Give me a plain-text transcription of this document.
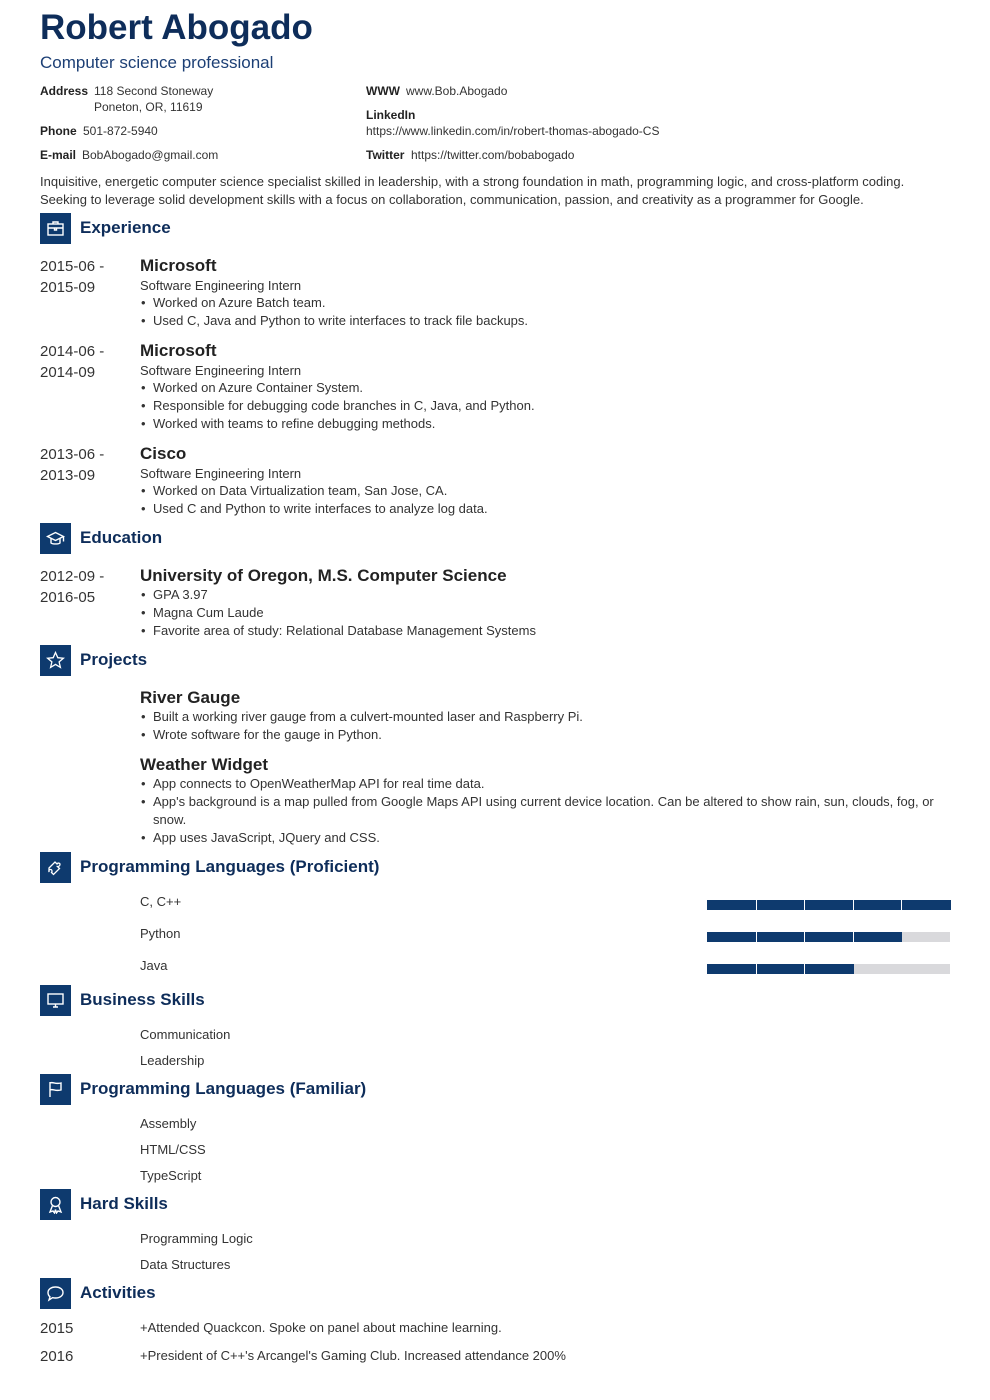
Robert Abogado
Computer science professional
Address 118 Second Stoneway
Poneton, OR, 11619
Phone 501-872-5940
E-mail BobAbogado@gmail.com
WWW www.Bob.Abogado
LinkedIn
https://www.linkedin.com/in/robert-thomas-abogado-CS
Twitter https://twitter.com/bobabogado
Inquisitive, energetic computer science specialist skilled in leadership, with a strong foundation in math, programming logic, and cross-platform coding. Seeking to leverage solid development skills with a focus on collaboration, communication, passion, and creativity as a programmer for Google.
Experience
2015-06 -
2015-09
Microsoft
Software Engineering Intern
• Worked on Azure Batch team.
• Used C, Java and Python to write interfaces to track file backups.
2014-06 -
2014-09
Microsoft
Software Engineering Intern
• Worked on Azure Container System.
• Responsible for debugging code branches in C, Java, and Python.
• Worked with teams to refine debugging methods.
2013-06 -
2013-09
Cisco
Software Engineering Intern
• Worked on Data Virtualization team, San Jose, CA.
• Used C and Python to write interfaces to analyze log data.
Education
2012-09 -
2016-05
University of Oregon, M.S. Computer Science
• GPA 3.97
• Magna Cum Laude
• Favorite area of study: Relational Database Management Systems
Projects
River Gauge
• Built a working river gauge from a culvert-mounted laser and Raspberry Pi.
• Wrote software for the gauge in Python.
Weather Widget
• App connects to OpenWeatherMap API for real time data.
• App's background is a map pulled from Google Maps API using current device location. Can be altered to show rain, sun, clouds, fog, or snow.
• App uses JavaScript, JQuery and CSS.
Programming Languages (Proficient)
C, C++
Python
Java
Business Skills
Communication
Leadership
Programming Languages (Familiar)
Assembly
HTML/CSS
TypeScript
Hard Skills
Programming Logic
Data Structures
Activities
2015	+Attended Quackcon. Spoke on panel about machine learning.
2016	+President of C++'s Arcangel's Gaming Club. Increased attendance 200%
